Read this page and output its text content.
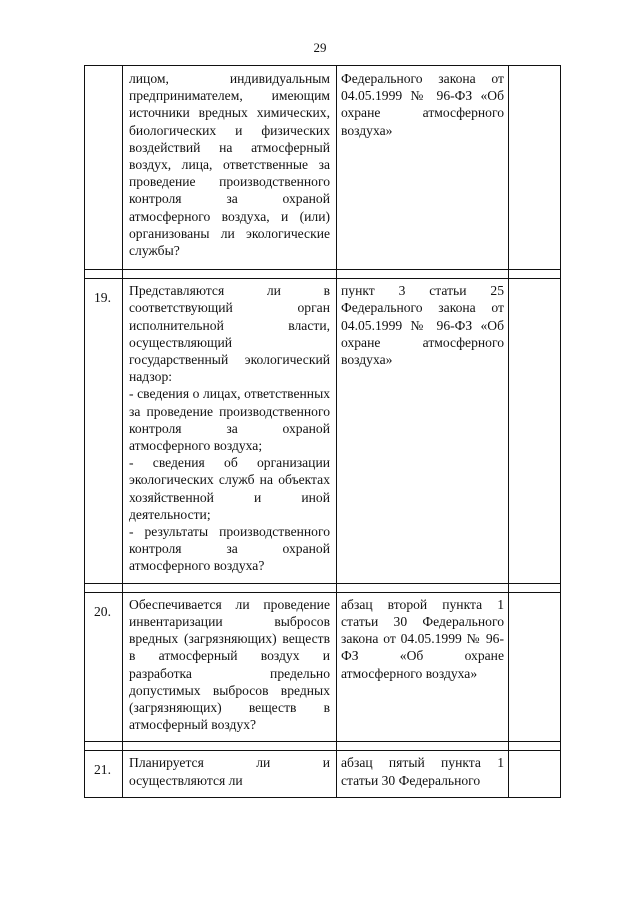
29

	лицом, индивидуальным предпринимателем, имеющим источники вредных химических, биологических и физических воздействий на атмосферный воздух, лица, ответственные за проведение производственного контроля за охраной атмосферного воздуха, и (или) организованы ли экологические службы?	Федерального закона от 04.05.1999 № 96-ФЗ «Об охране атмосферного воздуха»	

19.	Представляются ли в соответствующий орган исполнительной власти, осуществляющий государственный экологический надзор:
- сведения о лицах, ответственных за проведение производственного контроля за охраной атмосферного воздуха;
- сведения об организации экологических служб на объектах хозяйственной и иной деятельности;
- результаты производственного контроля за охраной атмосферного воздуха?	пункт 3 статьи 25 Федерального закона от 04.05.1999 № 96-ФЗ «Об охране атмосферного воздуха»	

20.	Обеспечивается ли проведение инвентаризации выбросов вредных (загрязняющих) веществ в атмосферный воздух и разработка предельно допустимых выбросов вредных (загрязняющих) веществ в атмосферный воздух?	абзац второй пункта 1 статьи 30 Федерального закона от 04.05.1999 № 96-ФЗ «Об охране атмосферного воздуха»	

21.	Планируется ли и осуществляются ли	абзац пятый пункта 1 статьи 30 Федерального	
